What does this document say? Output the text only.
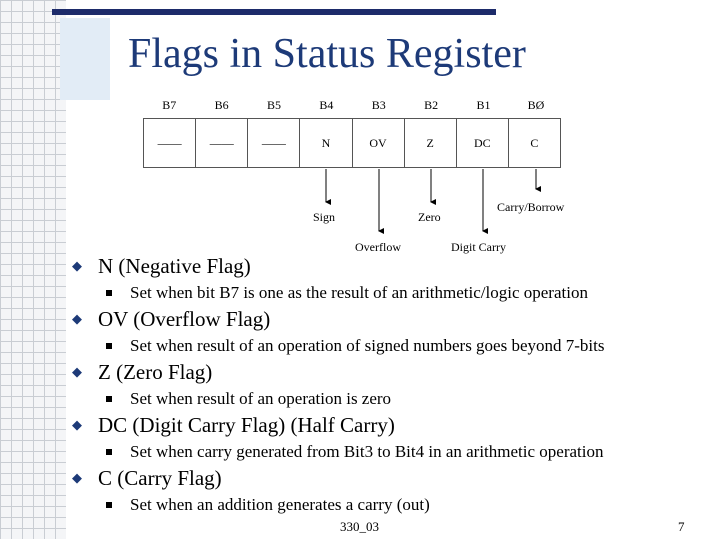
Flags in Status Register
B7	B6	B5	B4	B3	B2	B1	BØ
——	——	——	N	OV	Z	DC	C
Sign
Overflow
Zero
Digit Carry
Carry/Borrow
◆ N (Negative Flag)
Set when bit B7 is one as the result of an arithmetic/logic operation
◆ OV (Overflow Flag)
Set when result of an operation of signed numbers goes beyond 7-bits
◆ Z (Zero Flag)
Set when result of an operation is zero
◆ DC (Digit Carry Flag) (Half Carry)
Set when carry generated from Bit3 to Bit4 in an arithmetic operation
◆ C (Carry Flag)
Set when an addition generates a carry (out)
330_03	7
